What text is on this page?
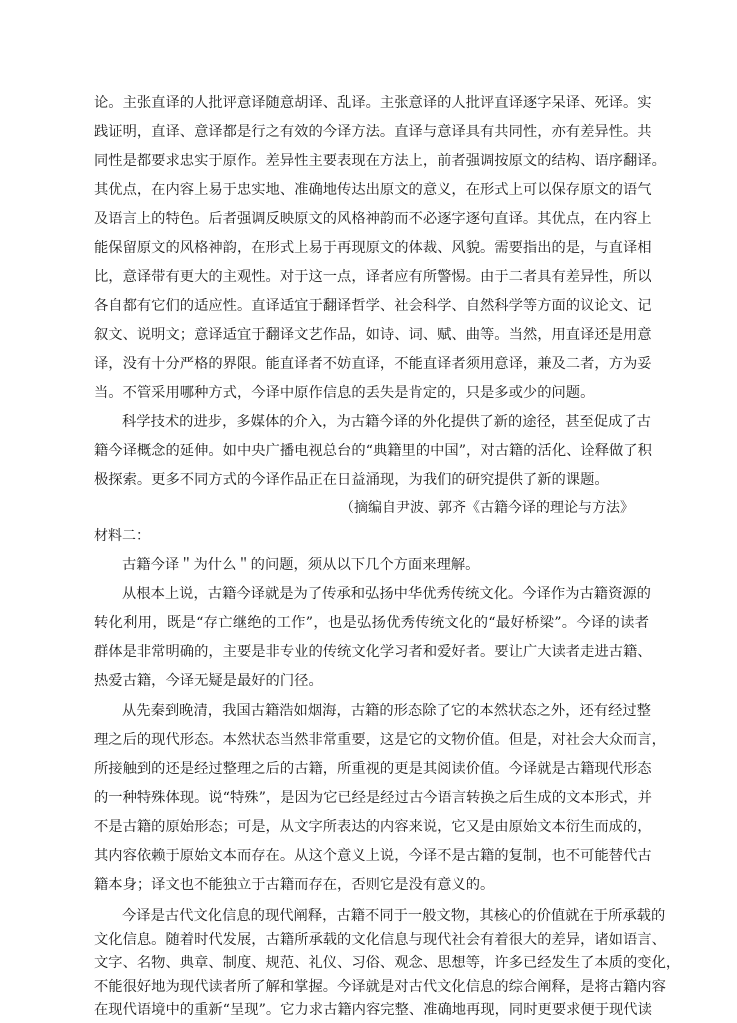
论。主张直译的人批评意译随意胡译、乱译。主张意译的人批评直译逐字呆译、死译。实
践证明，直译、意译都是行之有效的今译方法。直译与意译具有共同性，亦有差异性。共
同性是都要求忠实于原作。差异性主要表现在方法上，前者强调按原文的结构、语序翻译。
其优点，在内容上易于忠实地、准确地传达出原文的意义，在形式上可以保存原文的语气
及语言上的特色。后者强调反映原文的风格神韵而不必逐字逐句直译。其优点，在内容上
能保留原文的风格神韵，在形式上易于再现原文的体裁、风貌。需要指出的是，与直译相
比，意译带有更大的主观性。对于这一点，译者应有所警惕。由于二者具有差异性，所以
各自都有它们的适应性。直译适宜于翻译哲学、社会科学、自然科学等方面的议论文、记
叙文、说明文；意译适宜于翻译文艺作品，如诗、词、赋、曲等。当然，用直译还是用意
译，没有十分严格的界限。能直译者不妨直译，不能直译者须用意译，兼及二者，方为妥
当。不管采用哪种方式，今译中原作信息的丢失是肯定的，只是多或少的问题。
科学技术的进步，多媒体的介入，为古籍今译的外化提供了新的途径，甚至促成了古
籍今译概念的延伸。如中央广播电视总台的“典籍里的中国”，对古籍的活化、诠释做了积
极探索。更多不同方式的今译作品正在日益涌现，为我们的研究提供了新的课题。
（摘编自尹波、郭齐《古籍今译的理论与方法》
材料二：
古籍今译＂为什么＂的问题，须从以下几个方面来理解。
从根本上说，古籍今译就是为了传承和弘扬中华优秀传统文化。今译作为古籍资源的
转化利用，既是“存亡继绝的工作”，也是弘扬优秀传统文化的“最好桥梁”。今译的读者
群体是非常明确的，主要是非专业的传统文化学习者和爱好者。要让广大读者走进古籍、
热爱古籍，今译无疑是最好的门径。
从先秦到晚清，我国古籍浩如烟海，古籍的形态除了它的本然状态之外，还有经过整
理之后的现代形态。本然状态当然非常重要，这是它的文物价值。但是，对社会大众而言，
所接触到的还是经过整理之后的古籍，所重视的更是其阅读价值。今译就是古籍现代形态
的一种特殊体现。说“特殊”，是因为它已经是经过古今语言转换之后生成的文本形式，并
不是古籍的原始形态；可是，从文字所表达的内容来说，它又是由原始文本衍生而成的，
其内容依赖于原始文本而存在。从这个意义上说，今译不是古籍的复制，也不可能替代古
籍本身；译文也不能独立于古籍而存在，否则它是没有意义的。
今译是古代文化信息的现代阐释，古籍不同于一般文物，其核心的价值就在于所承载的
文化信息。随着时代发展，古籍所承载的文化信息与现代社会有着很大的差异，诸如语言、
文字、名物、典章、制度、规范、礼仪、习俗、观念、思想等，许多已经发生了本质的变化，
不能很好地为现代读者所了解和掌握。今译就是对古代文化信息的综合阐释，是将古籍内容
在现代语境中的重新“呈现”。它力求古籍内容完整、准确地再现，同时更要求便于现代读
